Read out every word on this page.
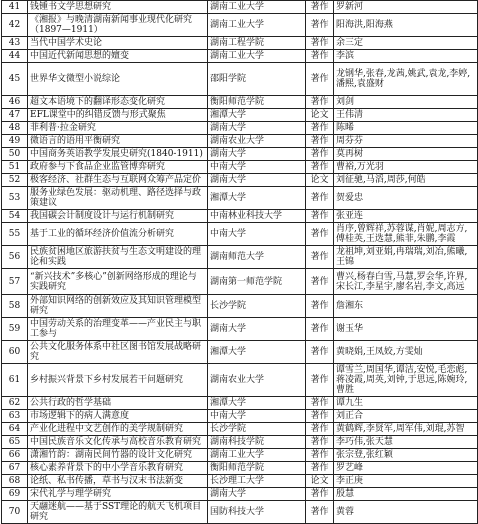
41	钱锺书文学思想研究	湖南工业大学	著作	罗新河
42	《湘报》与晚清湖南新闻事业现代化研究（1897—1911）	湖南工业大学	著作	阳海洪,阳海燕
43	当代中国学术史论	湖南工程学院	著作	余三定
44	中国近代新闻思想的嬗变	湖南工业大学	著作	李滨
45	世界华文微型小说综论	邵阳学院	著作	龙钢华,张春,龙茜,姚武,袁龙,李婷,潘熙,袁盛财
46	超文本语境下的翻译形态变化研究	衡阳师范学院	著作	刘剑
47	EFL课堂中的纠错反馈与形式聚焦	湘潭大学	论文	王伟清
48	菲利普·拉金研究	湖南大学	著作	陈晞
49	微语言的语用平衡研究	湖南农业大学	著作	周芬芬
50	中国商务英语教学发展史研究(1840-1911)	湖南大学	著作	莫再树
51	政府参与下食品企业监管博弈研究	中南大学	著作	曹裕,万光羽
52	极客经济、社群生态与互联网众筹产品定价	湖南大学	论文	刘征驰,马滔,周莎,何皓
53	服务业绿色发展：驱动机理、路径选择与政策建议	湘潭大学	著作	贺爱忠
54	我国碳会计制度设计与运行机制研究	中南林业科技大学	著作	张亚连
55	基于工业的循环经济价值流分析研究	中南大学	著作	肖序,曾辉祥,苏蓉谋,肖妮,周志方,傅桂英,王选慧,熊菲,朱鹏,李霞
56	民族贫困地区旅游扶贫与生态文明建设的理论和实践	湖南师范大学	著作	龙祖坤,刘亚娟,冉瑞瑞,刘冶,熊曦,王锦
57	“新兴技术”多核心”创新网络形成的理论与实践研究	湖南第一师范学院	著作	曹兴,杨春白雪,马慧,罗会华,许界,宋长江,李星宇,廖名岩,李文,高远
58	外部知识网络的创新效应及其知识管理模型研究	长沙学院	著作	詹湘东
59	中国劳动关系的治理变革——产业民主与职工参与	湖南大学	著作	谢玉华
60	公共文化服务体系中社区图书馆发展战略研究	湘潭大学	著作	黄晓娟,王凤姣,方雯灿
61	乡村振兴背景下乡村发展若干问题研究	湖南农业大学	著作	谭雪兰,周国华,谭洁,安悦,毛恋彪,蒋凌霞,周英,刘钟,于思远,陈婉玲,曹胜
62	公共行政的哲学基础	湘潭大学	著作	谭九生
63	市场逻辑下的病人满意度	中南大学	著作	刘正合
64	产业化进程中文艺创作的美学规制研究	长沙学院	著作	黄鹤辉,李贤军,周军伟,刘琨,苏智
65	中国民族音乐文化传承与高校音乐教育研究	湖南科技学院	著作	李巧伟,张天慧
66	潇湘竹韵：湖南民间竹器的设计文化研究	湖南工业大学	著作	张宗登,张红颖
67	核心素养背景下的中小学音乐教育研究	衡阳师范学院	著作	罗艺峰
68	论纸、私书传播，草书与汉末书法新变	长沙理工大学	论文	李正庚
69	宋代礼学与理学研究	湖南大学	著作	殷慧
70	天翮迷航——基于SST理论的航天飞机项目研究	国防科技大学	著作	黄蓉
